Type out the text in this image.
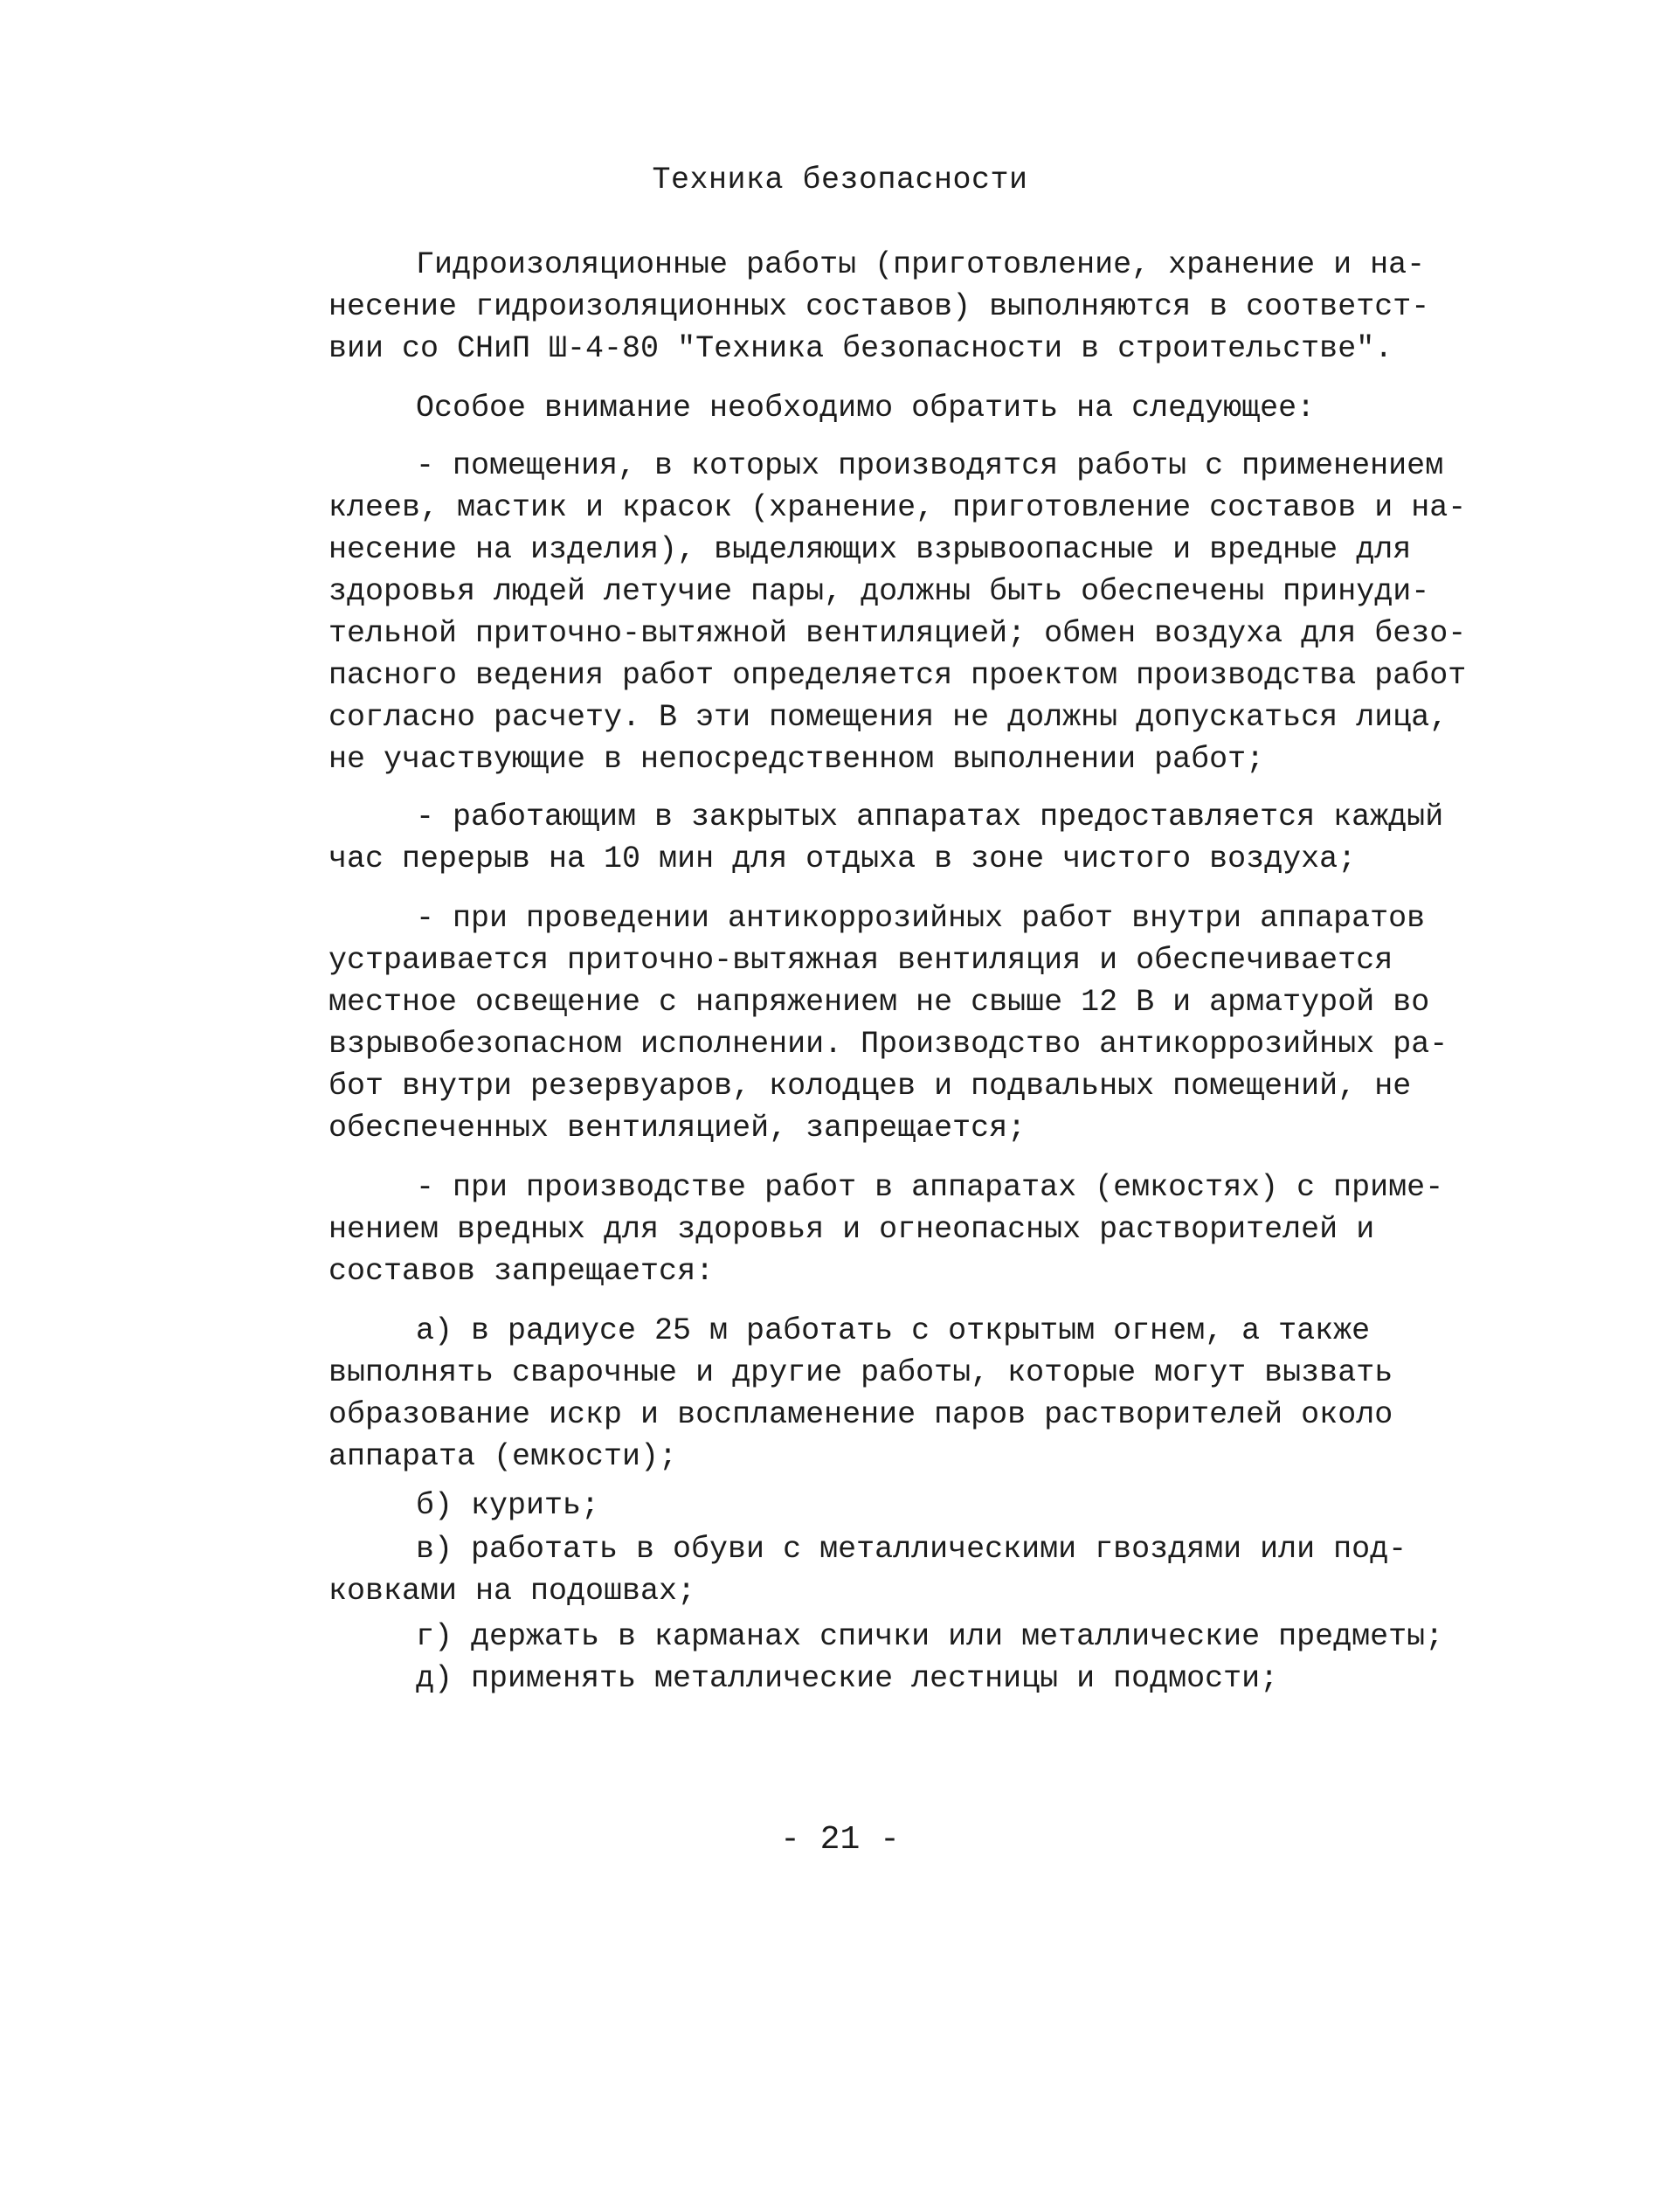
Техника безопасности
Гидроизоляционные работы (приготовление, хранение и на-
несение гидроизоляционных составов) выполняются в соответст-
вии со СНиП Ш-4-80 "Техника безопасности в строительстве".
Особое внимание необходимо обратить на следующее:
- помещения, в которых производятся работы с применением
клеев, мастик и красок (хранение, приготовление составов и на-
несение на изделия), выделяющих взрывоопасные и вредные для
здоровья людей летучие пары, должны быть обеспечены принуди-
тельной приточно-вытяжной вентиляцией; обмен воздуха для безо-
пасного ведения работ определяется проектом производства работ
согласно расчету. В эти помещения не должны допускаться лица,
не участвующие в непосредственном выполнении работ;
- работающим в закрытых аппаратах предоставляется каждый
час перерыв на 10 мин для отдыха в зоне чистого воздуха;
- при проведении антикоррозийных работ внутри аппаратов
устраивается приточно-вытяжная вентиляция и обеспечивается
местное освещение с напряжением не свыше 12 В и арматурой во
взрывобезопасном исполнении. Производство антикоррозийных ра-
бот внутри резервуаров, колодцев и подвальных помещений, не
обеспеченных вентиляцией, запрещается;
- при производстве работ в аппаратах (емкостях) с приме-
нением вредных для здоровья и огнеопасных растворителей и
составов запрещается:
а) в радиусе 25 м работать с открытым огнем, а также
выполнять сварочные и другие работы, которые могут вызвать
образование искр и воспламенение паров растворителей около
аппарата (емкости);
б) курить;
в) работать в обуви с металлическими гвоздями или под-
ковками на подошвах;
г) держать в карманах спички или металлические предметы;
д) применять металлические лестницы и подмости;
- 21 -
